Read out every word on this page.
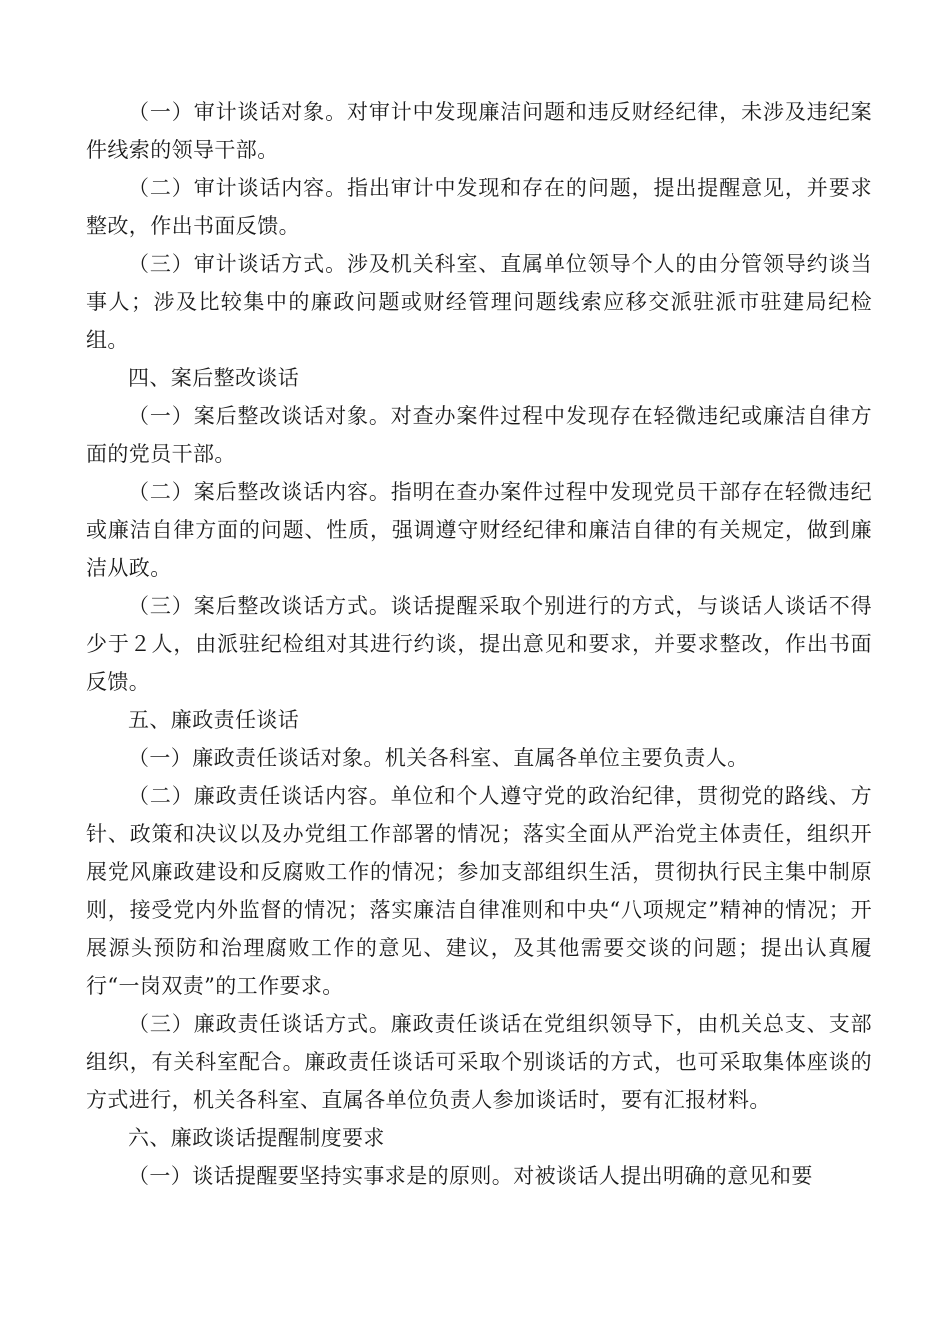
（一）审计谈话对象。对审计中发现廉洁问题和违反财经纪律，未涉及违纪案件线索的领导干部。

（二）审计谈话内容。指出审计中发现和存在的问题，提出提醒意见，并要求整改，作出书面反馈。

（三）审计谈话方式。涉及机关科室、直属单位领导个人的由分管领导约谈当事人；涉及比较集中的廉政问题或财经管理问题线索应移交派驻派市驻建局纪检组。

四、案后整改谈话

（一）案后整改谈话对象。对查办案件过程中发现存在轻微违纪或廉洁自律方面的党员干部。

（二）案后整改谈话内容。指明在查办案件过程中发现党员干部存在轻微违纪或廉洁自律方面的问题、性质，强调遵守财经纪律和廉洁自律的有关规定，做到廉洁从政。

（三）案后整改谈话方式。谈话提醒采取个别进行的方式，与谈话人谈话不得少于２人，由派驻纪检组对其进行约谈，提出意见和要求，并要求整改，作出书面反馈。

五、廉政责任谈话

（一）廉政责任谈话对象。机关各科室、直属各单位主要负责人。

（二）廉政责任谈话内容。单位和个人遵守党的政治纪律，贯彻党的路线、方针、政策和决议以及办党组工作部署的情况；落实全面从严治党主体责任，组织开展党风廉政建设和反腐败工作的情况；参加支部组织生活，贯彻执行民主集中制原则，接受党内外监督的情况；落实廉洁自律准则和中央“八项规定”精神的情况；开展源头预防和治理腐败工作的意见、建议，及其他需要交谈的问题；提出认真履行“一岗双责”的工作要求。

（三）廉政责任谈话方式。廉政责任谈话在党组织领导下，由机关总支、支部组织，有关科室配合。廉政责任谈话可采取个别谈话的方式，也可采取集体座谈的方式进行，机关各科室、直属各单位负责人参加谈话时，要有汇报材料。

六、廉政谈话提醒制度要求

（一）谈话提醒要坚持实事求是的原则。对被谈话人提出明确的意见和要
